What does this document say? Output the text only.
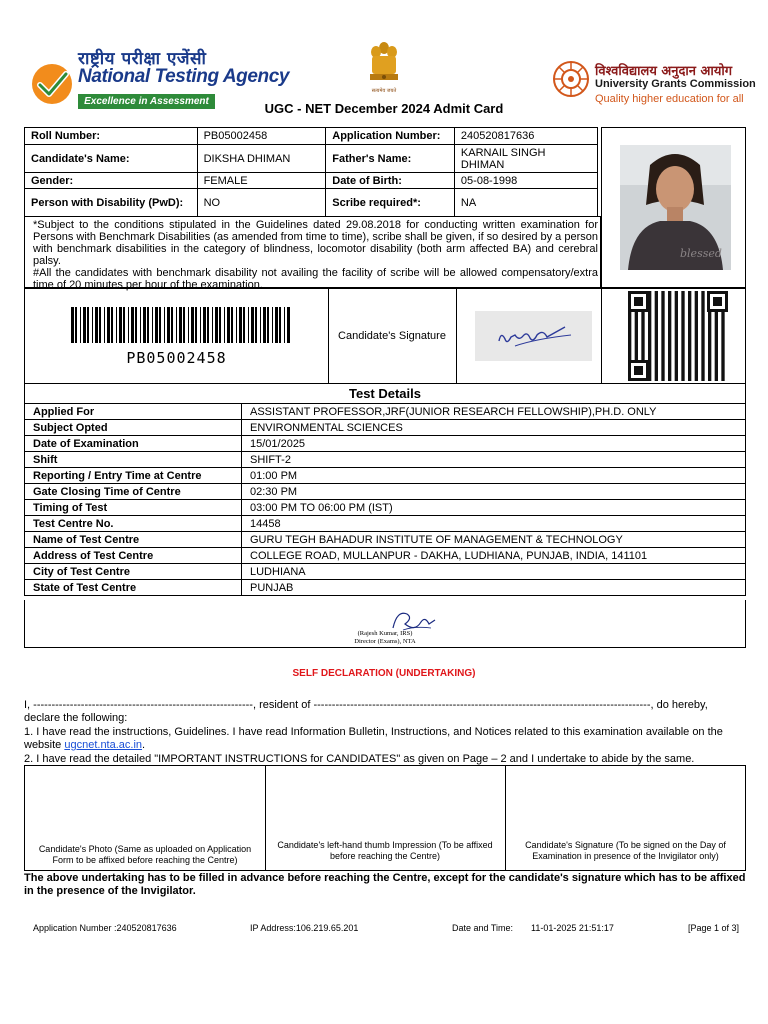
राष्ट्रीय परीक्षा एजेंसी
National Testing Agency
Excellence in Assessment
सत्यमेव जयते
UGC - NET December 2024 Admit Card
विश्वविद्यालय अनुदान आयोग
University Grants Commission
Quality higher education for all
Roll Number:	PB05002458	Application Number:	240520817636	
Candidate's Name:	DIKSHA DHIMAN	Father's Name:	KARNAIL SINGH DHIMAN	
Gender:	FEMALE	Date of Birth:	05-08-1998	
Person with Disability (PwD):	NO	Scribe required*:	NA	
blessed
*Subject to the conditions stipulated in the Guidelines dated 29.08.2018 for conducting written examination for Persons with Benchmark Disabilities (as amended from time to time), scribe shall be given, if so desired by a person with benchmark disabilities in the category of blindness, locomotor disability (both arm affected BA) and cerebral palsy.
#All the candidates with benchmark disability not availing the facility of scribe will be allowed compensatory/extra time of 20 minutes per hour of the examination.
PB05002458
Candidate's Signature
Test Details
Applied For	ASSISTANT PROFESSOR,JRF(JUNIOR RESEARCH FELLOWSHIP),PH.D. ONLY
Subject Opted	ENVIRONMENTAL SCIENCES
Date of Examination	15/01/2025
Shift	SHIFT-2
Reporting / Entry Time at Centre	01:00 PM
Gate Closing Time of Centre	02:30 PM
Timing of Test	03:00 PM TO 06:00 PM (IST)
Test Centre No.	14458
Name of Test Centre	GURU TEGH BAHADUR INSTITUTE OF MANAGEMENT & TECHNOLOGY
Address of Test Centre	COLLEGE ROAD, MULLANPUR - DAKHA, LUDHIANA, PUNJAB, INDIA, 141101
City of Test Centre	LUDHIANA
State of Test Centre	PUNJAB
(Rajesh Kumar, IRS)
Director (Exams), NTA
SELF DECLARATION (UNDERTAKING)

I, ------------------------------------------------------------, resident of --------------------------------------------------------------------------------------------, do hereby, declare the following:

1. I have read the instructions, Guidelines. I have read Information Bulletin, Instructions, and Notices related to this examination available on the website ugcnet.nta.ac.in.

2. I have read the detailed "IMPORTANT INSTRUCTIONS for CANDIDATES" as given on Page – 2 and I undertake to abide by the same.

Candidate's Photo (Same as uploaded on Application Form to be affixed before reaching the Centre)
Candidate's left-hand thumb Impression (To be affixed before reaching the Centre)
Candidate's Signature (To be signed on the Day of Examination in presence of the Invigilator only)
The above undertaking has to be filled in advance before reaching the Centre, except for the candidate's signature which has to be affixed in the presence of the Invigilator.
Application Number :240520817636	IP Address:106.219.65.201	Date and Time: 11-01-2025 21:51:17	[Page 1 of 3]
